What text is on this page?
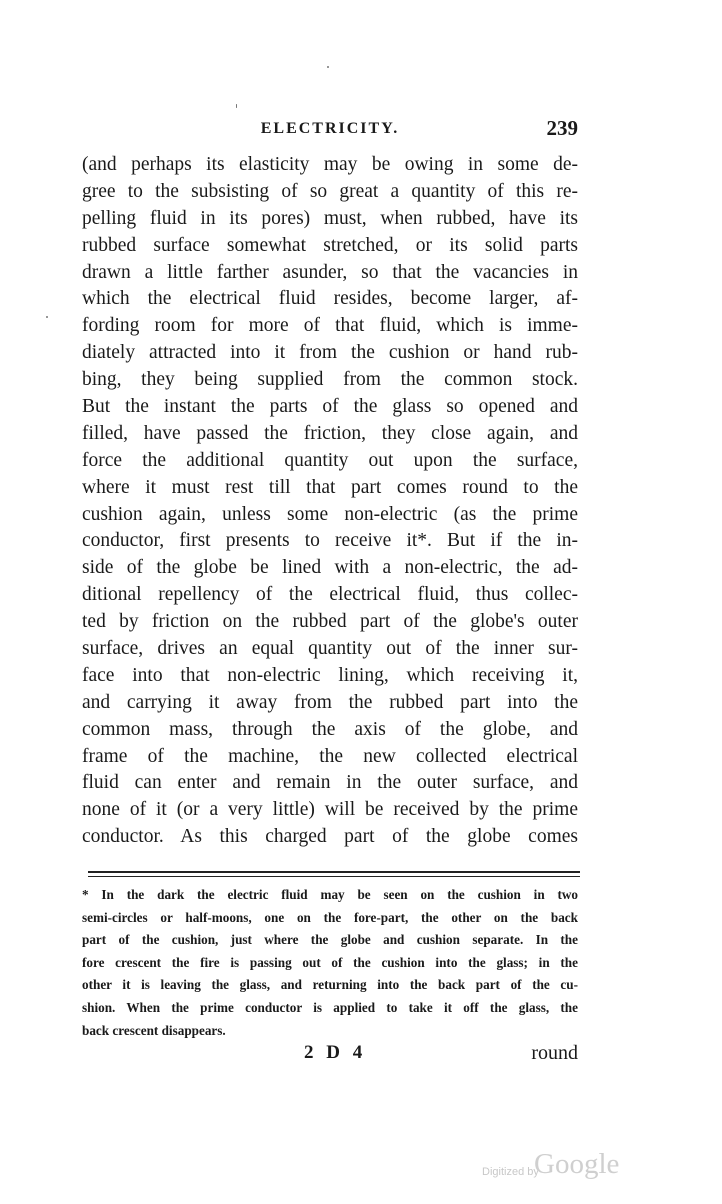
ELECTRICITY.	239
(and perhaps its elasticity may be owing in some de-
gree to the subsisting of so great a quantity of this re-
pelling fluid in its pores) must, when rubbed, have its
rubbed surface somewhat stretched, or its solid parts
drawn a little farther asunder, so that the vacancies in
which the electrical fluid resides, become larger, af-
fording room for more of that fluid, which is imme-
diately attracted into it from the cushion or hand rub-
bing, they being supplied from the common stock.
But the instant the parts of the glass so opened and
filled, have passed the friction, they close again, and
force the additional quantity out upon the surface,
where it must rest till that part comes round to the
cushion again, unless some non-electric (as the prime
conductor, first presents to receive it*. But if the in-
side of the globe be lined with a non-electric, the ad-
ditional repellency of the electrical fluid, thus collec-
ted by friction on the rubbed part of the globe's outer
surface, drives an equal quantity out of the inner sur-
face into that non-electric lining, which receiving it,
and carrying it away from the rubbed part into the
common mass, through the axis of the globe, and
frame of the machine, the new collected electrical
fluid can enter and remain in the outer surface, and
none of it (or a very little) will be received by the prime
conductor. As this charged part of the globe comes
* In the dark the electric fluid may be seen on the cushion in two
semi-circles or half-moons, one on the fore-part, the other on the back
part of the cushion, just where the globe and cushion separate. In the
fore crescent the fire is passing out of the cushion into the glass; in the
other it is leaving the glass, and returning into the back part of the cu-
shion. When the prime conductor is applied to take it off the glass, the
back crescent disappears.
2 D 4	round
Digitized by
Google
